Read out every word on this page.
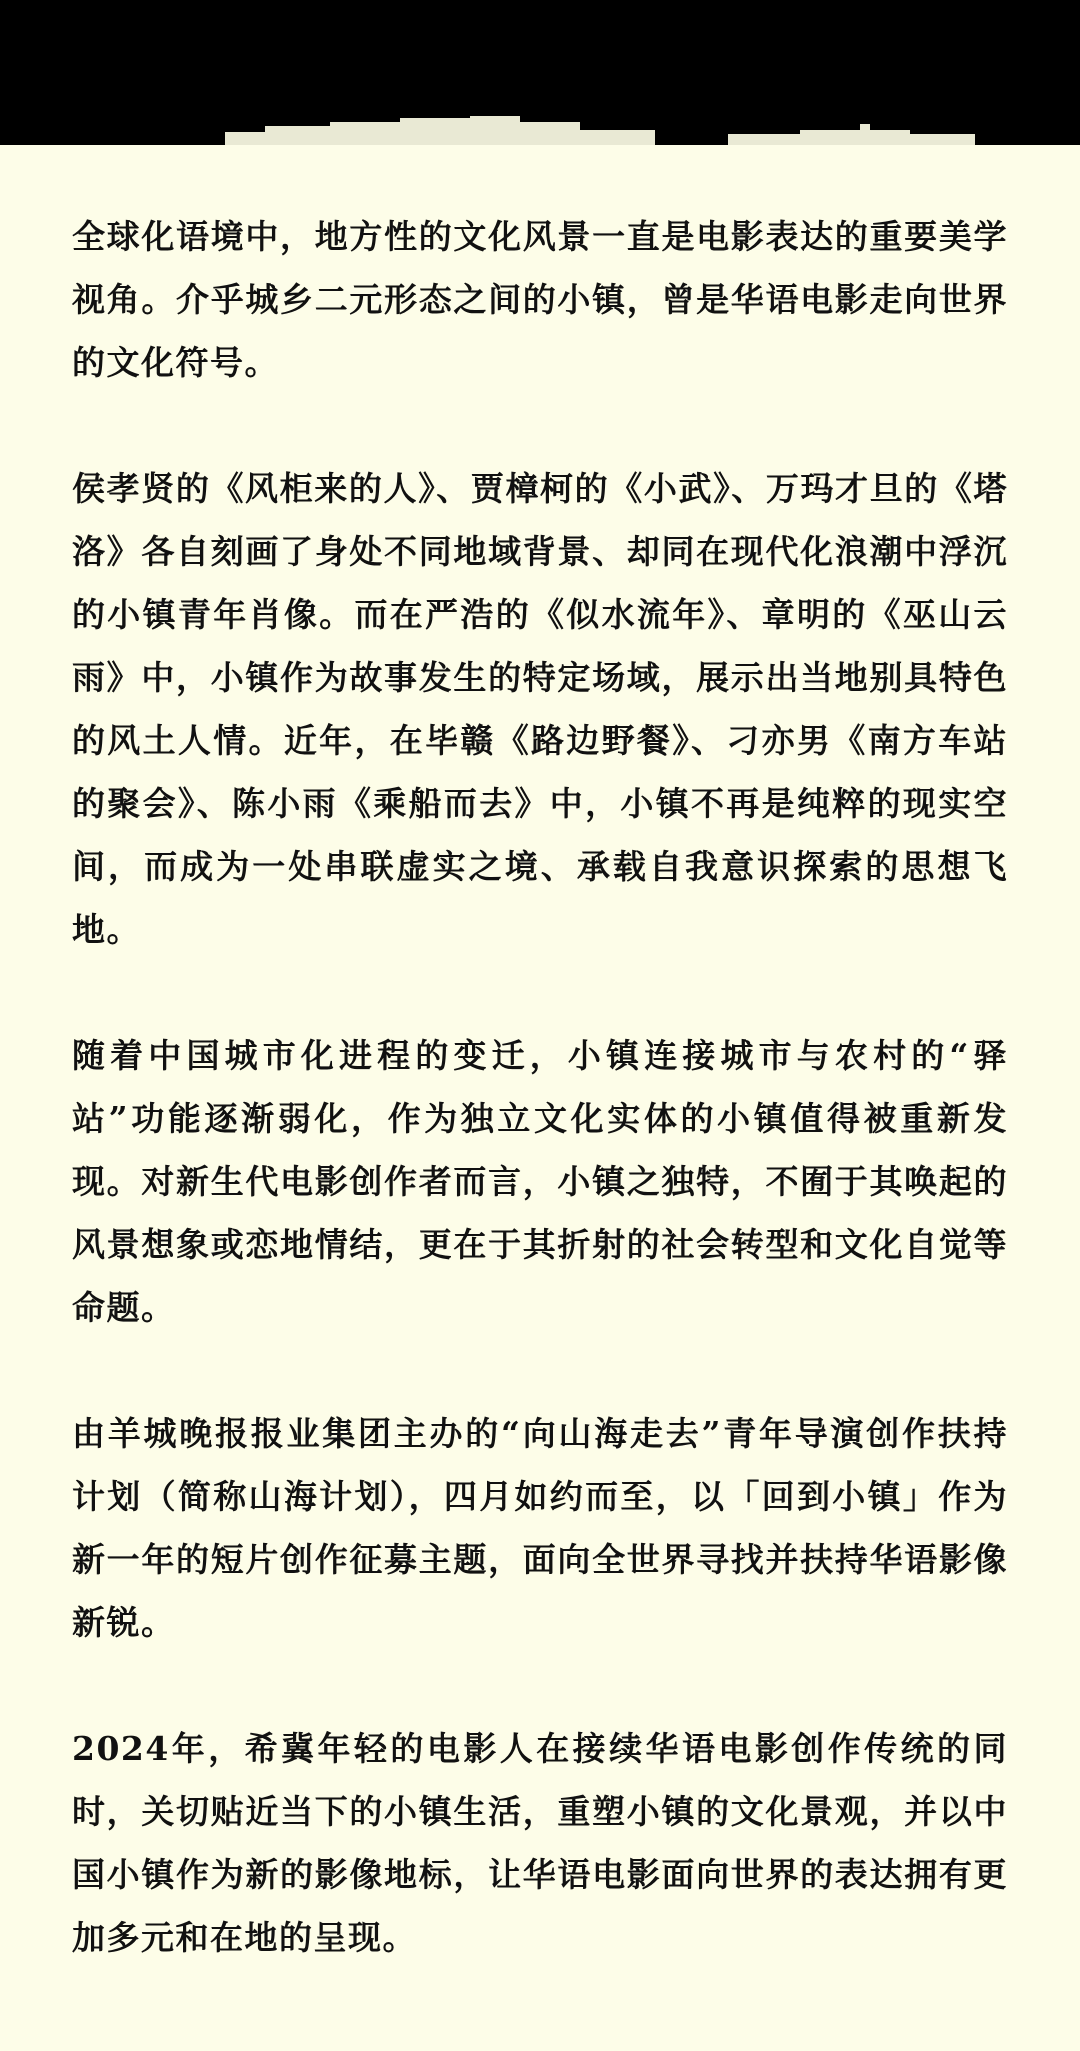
全球化语境中，地方性的文化风景一直是电影表达的重要美学视角。介乎城乡二元形态之间的小镇，曾是华语电影走向世界的文化符号。

侯孝贤的《风柜来的人》、贾樟柯的《小武》、万玛才旦的《塔洛》各自刻画了身处不同地域背景、却同在现代化浪潮中浮沉的小镇青年肖像。而在严浩的《似水流年》、章明的《巫山云雨》中，小镇作为故事发生的特定场域，展示出当地别具特色的风土人情。近年，在毕赣《路边野餐》、刁亦男《南方车站的聚会》、陈小雨《乘船而去》中，小镇不再是纯粹的现实空间，而成为一处串联虚实之境、承载自我意识探索的思想飞地。

随着中国城市化进程的变迁，小镇连接城市与农村的“驿站”功能逐渐弱化，作为独立文化实体的小镇值得被重新发现。对新生代电影创作者而言，小镇之独特，不囿于其唤起的风景想象或恋地情结，更在于其折射的社会转型和文化自觉等命题。

由羊城晚报报业集团主办的“向山海走去”青年导演创作扶持计划（简称山海计划），四月如约而至，以「回到小镇」作为新一年的短片创作征募主题，面向全世界寻找并扶持华语影像新锐。

2024年，希冀年轻的电影人在接续华语电影创作传统的同时，关切贴近当下的小镇生活，重塑小镇的文化景观，并以中国小镇作为新的影像地标，让华语电影面向世界的表达拥有更加多元和在地的呈现。
